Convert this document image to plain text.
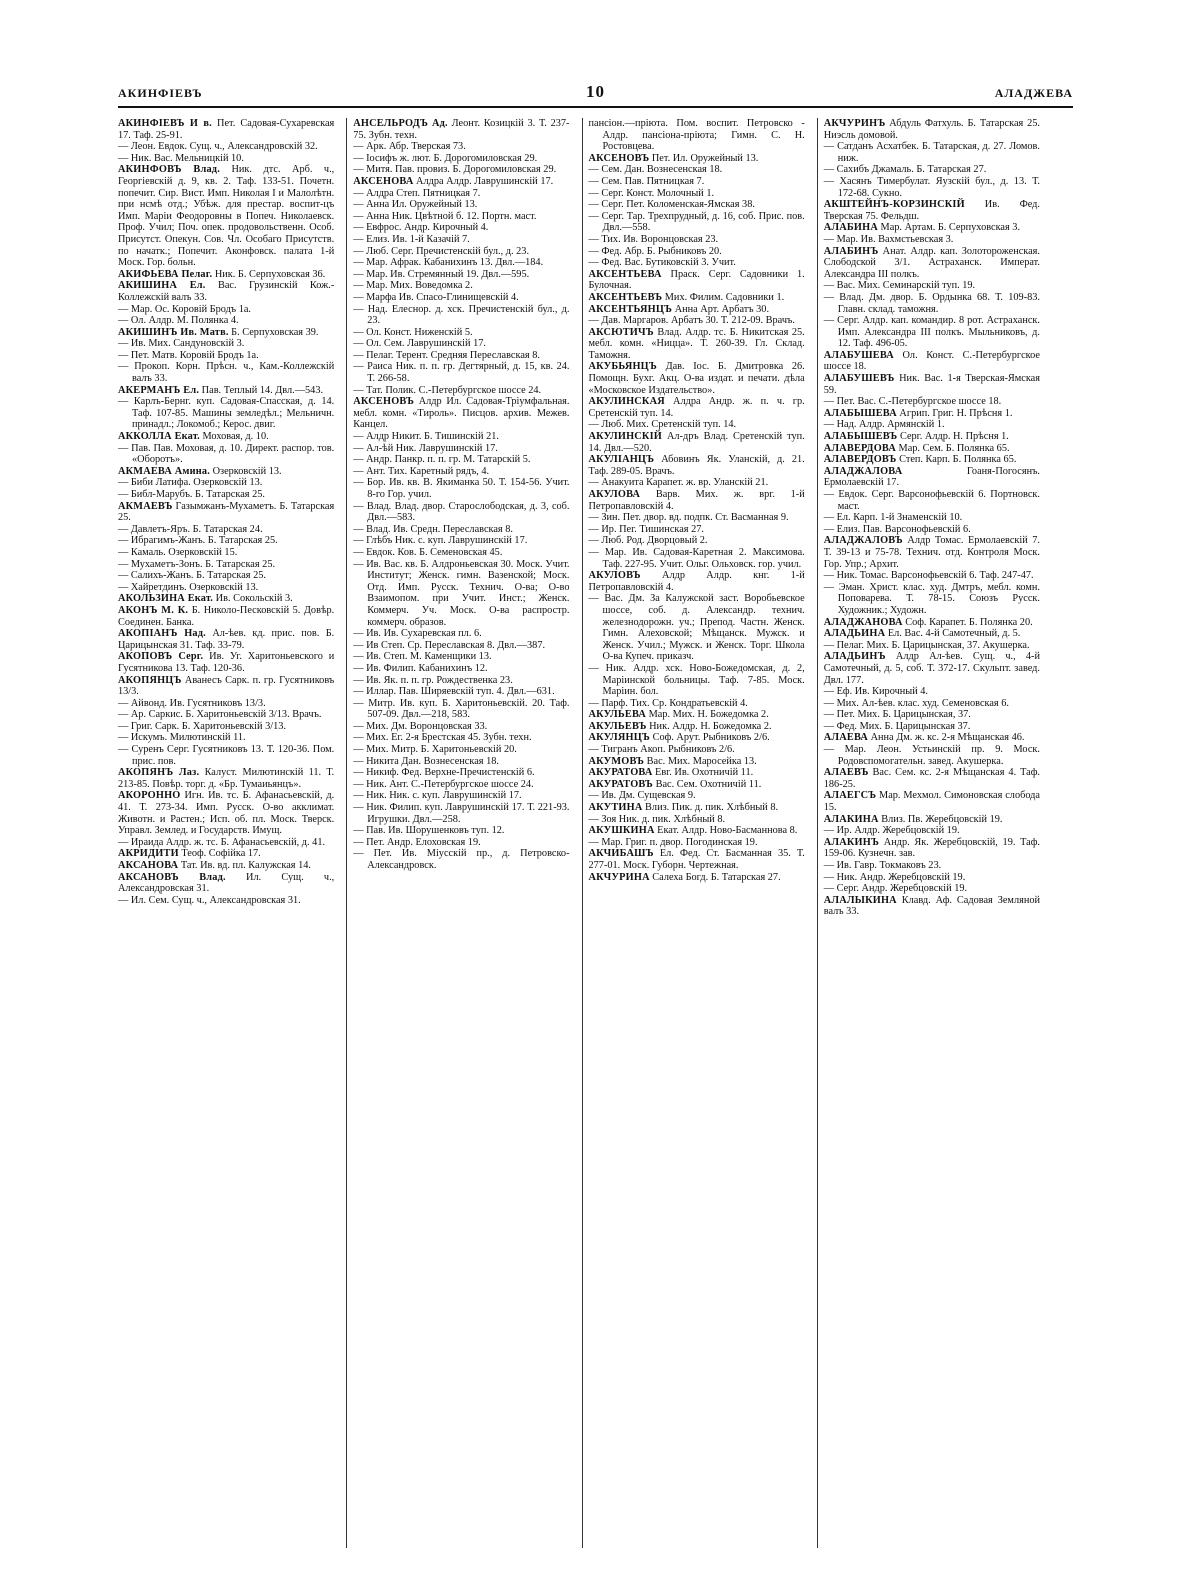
АКИНФІЕВЪ	10	АЛАДЖЕВА
АКИНФІЕВЪ И в. Пет. Садовая-Сухаревская 17. Таф. 25-91.
— Леон. Евдок. Сущ. ч., Александровскій 32.
— Ник. Вас. Мельницкій 10.
АКИНФОВЪ Влад. Ник. дтс. Арб. ч., Георгіевскій д. 9, кв. 2. Таф. 133-51. Почетн. попечит. Сир. Вист. Имп. Николая I и Малолѣтн. при нсмѣ отд.; Убѣж. для престар. воспит-цъ Имп. Маріи Феодоровны в Попеч. Николаевск. Проф. Учил; Поч. опек. продовольственн. Особ. Присутст. Опекун. Сов. Чл. Особаго Присутств. по начатк.; Попечит. Аконфовск. палата 1-й Моск. Гор. больн.
АКИФЬЕВА Пелаг. Ник. Б. Серпуховская 36.
АКИШИНА Ел. Вас. Грузинскій Кож.-Коллежскій валъ 33.
— Мар. Ос. Коровій Бродъ 1а.
— Ол. Алдр. М. Полянка 4.
АКИШИНЪ Ив. Матв. Б. Серпуховская 39.
— Ив. Мих. Сандуновскій 3.
— Пет. Матв. Коровій Бродъ 1а.
— Прокоп. Корн. Прѣсн. ч., Кам.-Коллежскій валъ 33.
АКЕРМАНЪ Ел. Пав. Теплый 14. Двл.—543.
— Карлъ-Бернг. куп. Садовая-Спасская, д. 14. Таф. 107-85. Машины земледѣл.; Мельничн. принадл.; Локомоб.; Керос. двиг.
АККОЛЛА Екат. Моховая, д. 10.
— Пав. Пав. Моховая, д. 10. Директ. распор. тов. «Оборотъ».
АКМАЕВА Амина. Озерковскій 13.
— Биби Латифа. Озерковскій 13.
— Библ-Марубъ. Б. Татарская 25.
АКМАЕВЪ Газымжанъ-Мухаметъ. Б. Татарская 25.
— Давлетъ-Яръ. Б. Татарская 24.
— Ибрагимъ-Жанъ. Б. Татарская 25.
— Камаль. Озерковскій 15.
— Мухаметъ-Зонъ. Б. Татарская 25.
— Салихъ-Жанъ. Б. Татарская 25.
— Хайретдинъ. Озерковскій 13.
АКОЛЬЗИНА Екат. Ив. Сокольскій 3.
АКОНЪ М. К. Б. Николо-Песковскій 5. Довѣр. Соединен. Банка.
АКОПІАНЪ Над. Ал-ѣев. кд. прис. пов. Б. Царицынская 31. Таф. 33-79.
АКОПОВЪ Серг. Ив. Уг. Харитоньевского и Гусятникова 13. Таф. 120-36.
АКОПЯНЦЪ Аванесъ Сарк. п. гр. Гусятниковъ 13/3.
— Айвонд. Ив. Гусятниковъ 13/3.
— Ар. Саркис. Б. Харитоньевскій 3/13. Врачъ.
— Григ. Сарк. Б. Харитоньевскій 3/13.
— Искумъ. Милютинскій 11.
— Суренъ Серг. Гусятниковъ 13. Т. 120-36. Пом. прис. пов.
АКОПЯНЪ Лаз. Калуст. Милютинскій 11. Т. 213-85. Повѣр. торг. д. «Бр. Тумаиьянцъ».
АКОРОННО Игн. Ив. тс. Б. Афанасьевскій, д. 41. Т. 273-34. Имп. Русск. О-во акклимат. Животн. и Растен.; Исп. об. пл. Моск. Тверск. Управл. Землед. и Государств. Имущ.
— Ираида Алдр. ж. тс. Б. Афанасьевскій, д. 41.
АКРИДИТИ Теоф. Софійка 17.
АКСАНОВА Тат. Ив. вд. пл. Калужская 14.
АКСАНОВЪ Влад. Ил. Сущ. ч., Александровская 31.
— Ил. Сем. Сущ. ч., Александровская 31.
АНСЕЛЬРОДЪ Ад. Леонт. Козицкій 3. Т. 237-75. Зубн. техн.
— Арк. Абр. Тверская 73.
— Іосифъ ж. лют. Б. Дорогомиловская 29.
— Митя. Пав. провиз. Б. Дорогомиловская 29.
АКСЕНОВА Алдра Алдр. Лаврушинскій 17.
— Алдра Степ. Пятницкая 7.
— Анна Ил. Оружейный 13.
— Анна Ник. Цвѣтной б. 12. Портн. маст.
— Евфрос. Андр. Кирочный 4.
— Елиз. Ив. 1-й Казачій 7.
— Люб. Серг. Пречистенскій бул., д. 23.
— Мар. Афрак. Кабанихинъ 13. Двл.—184.
— Мар. Ив. Стремянный 19. Двл.—595.
— Мар. Мих. Воведомка 2.
— Марфа Ив. Спасо-Глинищевскій 4.
— Над. Елеснор. д. хск. Пречистенскій бул., д. 23.
— Ол. Конст. Ниженскій 5.
— Ол. Сем. Лаврушинскій 17.
— Пелаг. Терент. Средняя Переславская 8.
— Раиса Ник. п. п. гр. Дегтярный, д. 15, кв. 24. Т. 266-58.
— Тат. Полик. С.-Петербургское шоссе 24.
АКСЕНОВЪ Алдр Ил. Садовая-Тріумфальная. мебл. комн. «Тироль». Писцов. архив. Межев. Канцел.
— Алдр Никит. Б. Тишинскій 21.
— Ал-ѣй Ник. Лаврушинскій 17.
— Андр. Панкр. п. п. гр. М. Татарскій 5.
— Ант. Тих. Каретный рядъ, 4.
— Бор. Ив. кв. В. Якиманка 50. Т. 154-56. Учит. 8-го Гор. учил.
— Влад. Влад. двор. Старослободская, д. 3, соб. Двл.—583.
— Влад. Ив. Средн. Переславская 8.
— Глѣбъ Ник. с. куп. Лаврушинскій 17.
— Евдок. Ков. Б. Семеновская 45.
— Ив. Вас. кв. Б. Алдроньевская 30. Моск. Учит. Институт; Женск. гимн. Вазенской; Моск. Отд. Имп. Русск. Технич. О-ва; О-во Взаимопом. при Учит. Инст.; Женск. Коммерч. Уч. Моск. О-ва распростр. коммерч. образов.
— Ив. Ив. Сухаревская пл. 6.
— Ив Степ. Ср. Переславская 8. Двл.—387.
— Ив. Степ. М. Каменщики 13.
— Ив. Филип. Кабанихинъ 12.
— Ив. Як. п. п. гр. Рождественка 23.
— Иллар. Пав. Ширяевскій туп. 4. Двл.—631.
— Митр. Ив. куп. Б. Харитоньевскій. 20. Таф. 507-09. Двл.—218, 583.
— Мих. Дм. Воронцовская 33.
— Мих. Ег. 2-я Брестская 45. Зубн. техн.
— Мих. Митр. Б. Харитоньевскій 20.
— Никита Дан. Вознесенская 18.
— Никиф. Фед. Верхне-Пречистенскій 6.
— Ник. Ант. С.-Петербургское шоссе 24.
— Ник. Ник. с. куп. Лаврушинскій 17.
— Ник. Филип. куп. Лаврушинскій 17. Т. 221-93. Игрушки. Двл.—258.
— Пав. Ив. Шорушенковъ туп. 12.
— Пет. Андр. Елоховская 19.
— Пет. Ив. Міусскій пр., д. Петровско-Александровск.
пансіон.—пріюта. Пом. воспит. Петровско - Алдр. пансіона-пріюта; Гимн. С. Н. Ростовцева.
АКСЕНОВЪ Пет. Ил. Оружейный 13.
— Сем. Дан. Вознесенская 18.
— Сем. Пав. Пятницкая 7.
— Серг. Конст. Молочный 1.
— Серг. Пет. Коломенская-Ямская 38.
— Серг. Тар. Трехпрудный, д. 16, соб. Прис. пов. Двл.—558.
— Тих. Ив. Воронцовская 23.
— Фед. Абр. Б. Рыбниковъ 20.
— Фед. Вас. Бутиковскій 3. Учит.
АКСЕНТЬЕВА Праск. Серг. Садовники 1. Булочная.
АКСЕНТЬЕВЪ Мих. Филим. Садовники 1.
АКСЕНТЬЯНЦЪ Анна Арт. Арбатъ 30.
— Дав. Маргаров. Арбатъ 30. Т. 212-09. Врачъ.
АКСЮТИЧЪ Влад. Алдр. тс. Б. Никитская 25. мебл. комн. «Ницца». Т. 260-39. Гл. Склад. Таможня.
АКУБЬЯНЦЪ Дав. Іос. Б. Дмитровка 26. Помощн. Бухг. Акц. О-ва издат. и печати. дѣла «Московское Издательство».
АКУЛИНСКАЯ Алдра Андр. ж. п. ч. гр. Сретенскій туп. 14.
— Люб. Мих. Сретенскій туп. 14.
АКУЛИНСКІЙ Ал-дръ Влад. Сретенскій туп. 14. Двл.—520.
АКУЛІАНЦЪ Абовинъ Як. Уланскій, д. 21. Таф. 289-05. Врачъ.
— Анакуита Карапет. ж. вр. Уланскій 21.
АКУЛОВА Варв. Мих. ж. врг. 1-й Петропавловскій 4.
— Зин. Пет. двор. вд. подпк. Ст. Васманная 9.
— Ир. Пег. Тишинская 27.
— Люб. Род. Дворцовый 2.
— Мар. Ив. Садовая-Каретная 2. Максимова. Таф. 227-95. Учит. Ольг. Ольховск. гор. учил.
АКУЛОВЪ Алдр Алдр. кнг. 1-й Петропавловскій 4.
— Вас. Дм. За Калужской заст. Воробьевское шоссе, соб. д. Александр. технич. железнодорожн. уч.; Препод. Частн. Женск. Гимн. Алеховской; Мѣщанск. Мужск. и Женск. Учил.; Мужск. и Женск. Торг. Школа О-ва Купеч. приказч.
— Ник. Алдр. хск. Ново-Божедомская, д. 2, Маріинской больницы. Таф. 7-85. Моск. Маріин. бол.
— Парф. Тих. Ср. Кондратьевскій 4.
АКУЛЬЕВА Мар. Мих. Н. Божедомка 2.
АКУЛЬЕВЪ Ник. Алдр. Н. Божедомка 2.
АКУЛЯНЦЪ Соф. Арут. Рыбниковъ 2/6.
— Тигранъ Акоп. Рыбниковъ 2/6.
АКУМОВЪ Вас. Мих. Маросейка 13.
АКУРАТОВА Евг. Ив. Охотничій 11.
АКУРАТОВЪ Вас. Сем. Охотничій 11.
— Ив. Дм. Сущевская 9.
АКУТИНА Влиз. Пик. д. пик. Хлѣбный 8.
— Зоя Ник. д. пик. Хлѣбный 8.
АКУШКИНА Екат. Алдр. Ново-Басманнова 8.
— Мар. Григ. п. двор. Погодинская 19.
АКЧИБАШЪ Ел. Фед. Ст. Басманная 35. Т. 277-01. Моск. Губорн. Чертежная.
АКЧУРИНА Салеха Богд. Б. Татарская 27.
АКЧУРИНЪ Абдуль Фатхуль. Б. Татарская 25. Ниэсль домовой.
— Сатданъ Асхатбек. Б. Татарская, д. 27. Ломов. ниж.
— Сахибъ Джамаль. Б. Татарская 27.
— Хасянъ Тимербулат. Яузскій бул., д. 13. Т. 172-68. Сукно.
АКШТЕЙНЪ-КОРЗИНСКІЙ Ив. Фед. Тверская 75. Фельдш.
АЛАБИНА Мар. Артам. Б. Серпуховская 3.
— Мар. Ив. Вахмстьевская 3.
АЛАБИНЪ Анат. Алдр. кап. Золотороженская. Слободской 3/1. Астраханск. Императ. Александра III полкъ.
— Вас. Мих. Семинарскій туп. 19.
— Влад. Дм. двор. Б. Ордынка 68. Т. 109-83. Главн. склад. таможня.
— Серг. Алдр. кап. командир. 8 рот. Астраханск. Имп. Александра III полкъ. Мыльниковъ, д. 12. Таф. 496-05.
АЛАБУШЕВА Ол. Конст. С.-Петербургское шоссе 18.
АЛАБУШЕВЪ Ник. Вас. 1-я Тверская-Ямская 59.
— Пет. Вас. С.-Петербургское шоссе 18.
АЛАБЫШЕВА Агрип. Григ. Н. Прѣсня 1.
— Над. Алдр. Армянскій 1.
АЛАБЫШЕВЪ Серг. Алдр. Н. Прѣсня 1.
АЛАВЕРДОВА Мар. Сем. Б. Полянка 65.
АЛАВЕРДОВЪ Степ. Карп. Б. Полянка 65.
АЛАДЖАЛОВА Гоаня-Погосянъ. Ермолаевскій 17.
— Евдок. Серг. Варсонофьевскій 6. Портновск. маст.
— Ел. Карп. 1-й Знаменскій 10.
— Елиз. Пав. Варсонофьевскій 6.
АЛАДЖАЛОВЪ Алдр Томас. Ермолаевскій 7. Т. 39-13 и 75-78. Технич. отд. Контроля Моск. Гор. Упр.; Архит.
— Ник. Томас. Варсонофьевскій 6. Таф. 247-47.
— Эман. Христ. клас. худ. Дмтръ, мебл. комн. Поповарева. Т. 78-15. Союзъ Русск. Художник.; Художн.
АЛАДЖАНОВА Соф. Карапет. Б. Полянка 20.
АЛАДЬИНА Ел. Вас. 4-й Самотечный, д. 5.
— Пелаг. Мих. Б. Царицынская, 37. Акушерка.
АЛАДЬИНЪ Алдр Ал-ѣев. Сущ. ч., 4-й Самотечный, д. 5, соб. Т. 372-17. Скульпт. завед. Двл. 177.
— Еф. Ив. Кирочный 4.
— Мих. Ал-ѣев. клас. худ. Семеновская 6.
— Пет. Мих. Б. Царицынская, 37.
— Фед. Мих. Б. Царицынская 37.
АЛАЕВА Анна Дм. ж. кс. 2-я Мѣщанская 46.
— Мар. Леон. Устьинскій пр. 9. Моск. Родовспомогательн. завед. Акушерка.
АЛАЕВЪ Вас. Сем. кс. 2-я Мѣщанская 4. Таф. 186-25.
АЛАЕГСЪ Мар. Мехмол. Симоновская слобода 15.
АЛАКИНА Влиз. Пв. Жеребцовскій 19.
— Ир. Алдр. Жеребцовскій 19.
АЛАКИНЪ Андр. Як. Жеребцовскій, 19. Таф. 159-06. Кузнечн. зав.
— Ив. Гавр. Токмаковъ 23.
— Ник. Андр. Жеребцовскій 19.
— Серг. Андр. Жеребцовскій 19.
АЛАЛЫКИНА Клавд. Аф. Садовая Земляной валъ 33.
